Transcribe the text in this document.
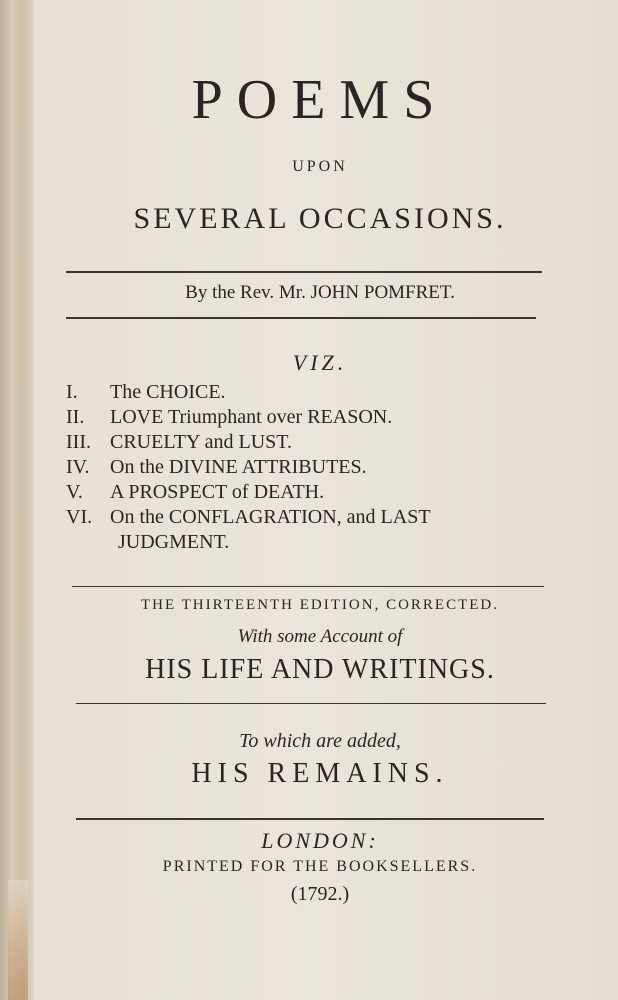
POEMS
UPON
SEVERAL OCCASIONS.
By the Rev. Mr. JOHN POMFRET.
VIZ.
I. The CHOICE.
II. LOVE Triumphant over REASON.
III. CRUELTY and LUST.
IV. On the DIVINE ATTRIBUTES.
V. A PROSPECT of DEATH.
VI. On the CONFLAGRATION, and LAST
JUDGMENT.
THE THIRTEENTH EDITION, CORRECTED.
With some Account of
HIS LIFE AND WRITINGS.
To which are added,
HIS REMAINS.
LONDON:
PRINTED FOR THE BOOKSELLERS.
(1792.)
